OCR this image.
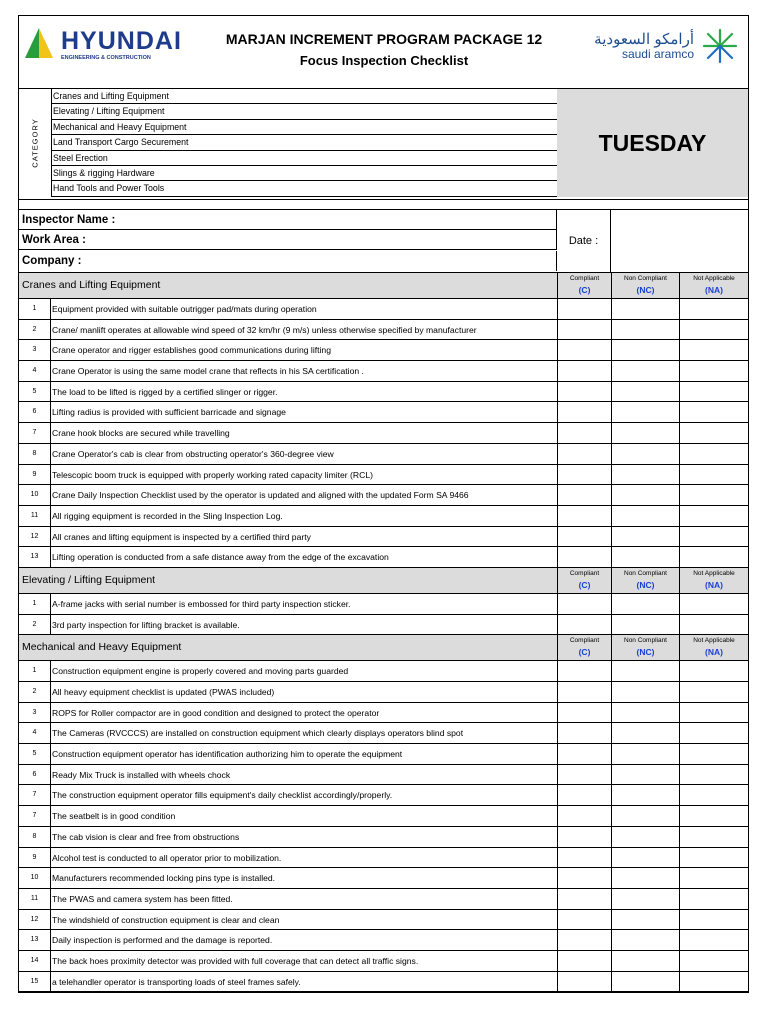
HYUNDAI
ENGINEERING & CONSTRUCTION
MARJAN INCREMENT PROGRAM PACKAGE 12
Focus Inspection Checklist
أرامكو السعودية
saudi aramco
CATEGORY
Cranes and Lifting Equipment
Elevating / Lifting Equipment
Mechanical and Heavy Equipment
Land Transport Cargo Securement
Steel Erection
Slings & rigging Hardware
Hand Tools and Power Tools
TUESDAY
Inspector Name :
Work Area :
Company :
Date :
Cranes and Lifting Equipment
Compliant
(C)
Non Compliant
(NC)
Not Applicable
(NA)
1	Equipment provided with suitable outrigger pad/mats during operation
2	Crane/ manlift operates at allowable wind speed of 32 km/hr (9 m/s) unless otherwise specified by manufacturer
3	Crane operator and rigger establishes good communications during lifting
4	Crane Operator is using the same model crane that reflects in his SA certification .
5	The load to be lifted is rigged by a certified slinger or rigger.
6	Lifting radius is provided with sufficient barricade and signage
7	Crane hook blocks are secured while travelling
8	Crane Operator's cab is clear from obstructing operator's 360-degree view
9	Telescopic boom truck is equipped with properly working rated capacity limiter (RCL)
10	Crane Daily Inspection Checklist used by the operator is updated and aligned with the updated Form SA 9466
11	All rigging equipment is recorded in the Sling Inspection Log.
12	All cranes and lifting equipment is inspected by a certified third party
13	Lifting operation is conducted from a safe distance away from the edge of the excavation
Elevating / Lifting Equipment
Compliant
(C)
Non Compliant
(NC)
Not Applicable
(NA)
1	A-frame jacks with serial number is embossed for third party inspection sticker.
2	3rd party inspection for lifting bracket is available.
Mechanical and Heavy Equipment
Compliant
(C)
Non Compliant
(NC)
Not Applicable
(NA)
1	Construction equipment engine is properly covered and moving parts guarded
2	All heavy equipment checklist is updated (PWAS included)
3	ROPS for Roller compactor are in good condition and designed to protect the operator
4	The Cameras (RVCCCS) are installed on construction equipment which clearly displays operators blind spot
5	Construction equipment operator has identification authorizing him to operate the equipment
6	Ready Mix Truck is installed with wheels chock
7	The construction equipment operator fills equipment's daily checklist accordingly/properly.
7	The seatbelt is in good condition
8	The cab vision is clear and free from obstructions
9	Alcohol test is conducted to all operator prior to mobilization.
10	Manufacturers recommended locking pins type is installed.
11	The PWAS and camera system has been fitted.
12	The windshield of construction equipment is clear and clean
13	Daily inspection is performed and the damage is reported.
14	The back hoes proximity detector was provided with full coverage that can detect all traffic signs.
15	a telehandler operator is transporting loads of steel frames safely.
